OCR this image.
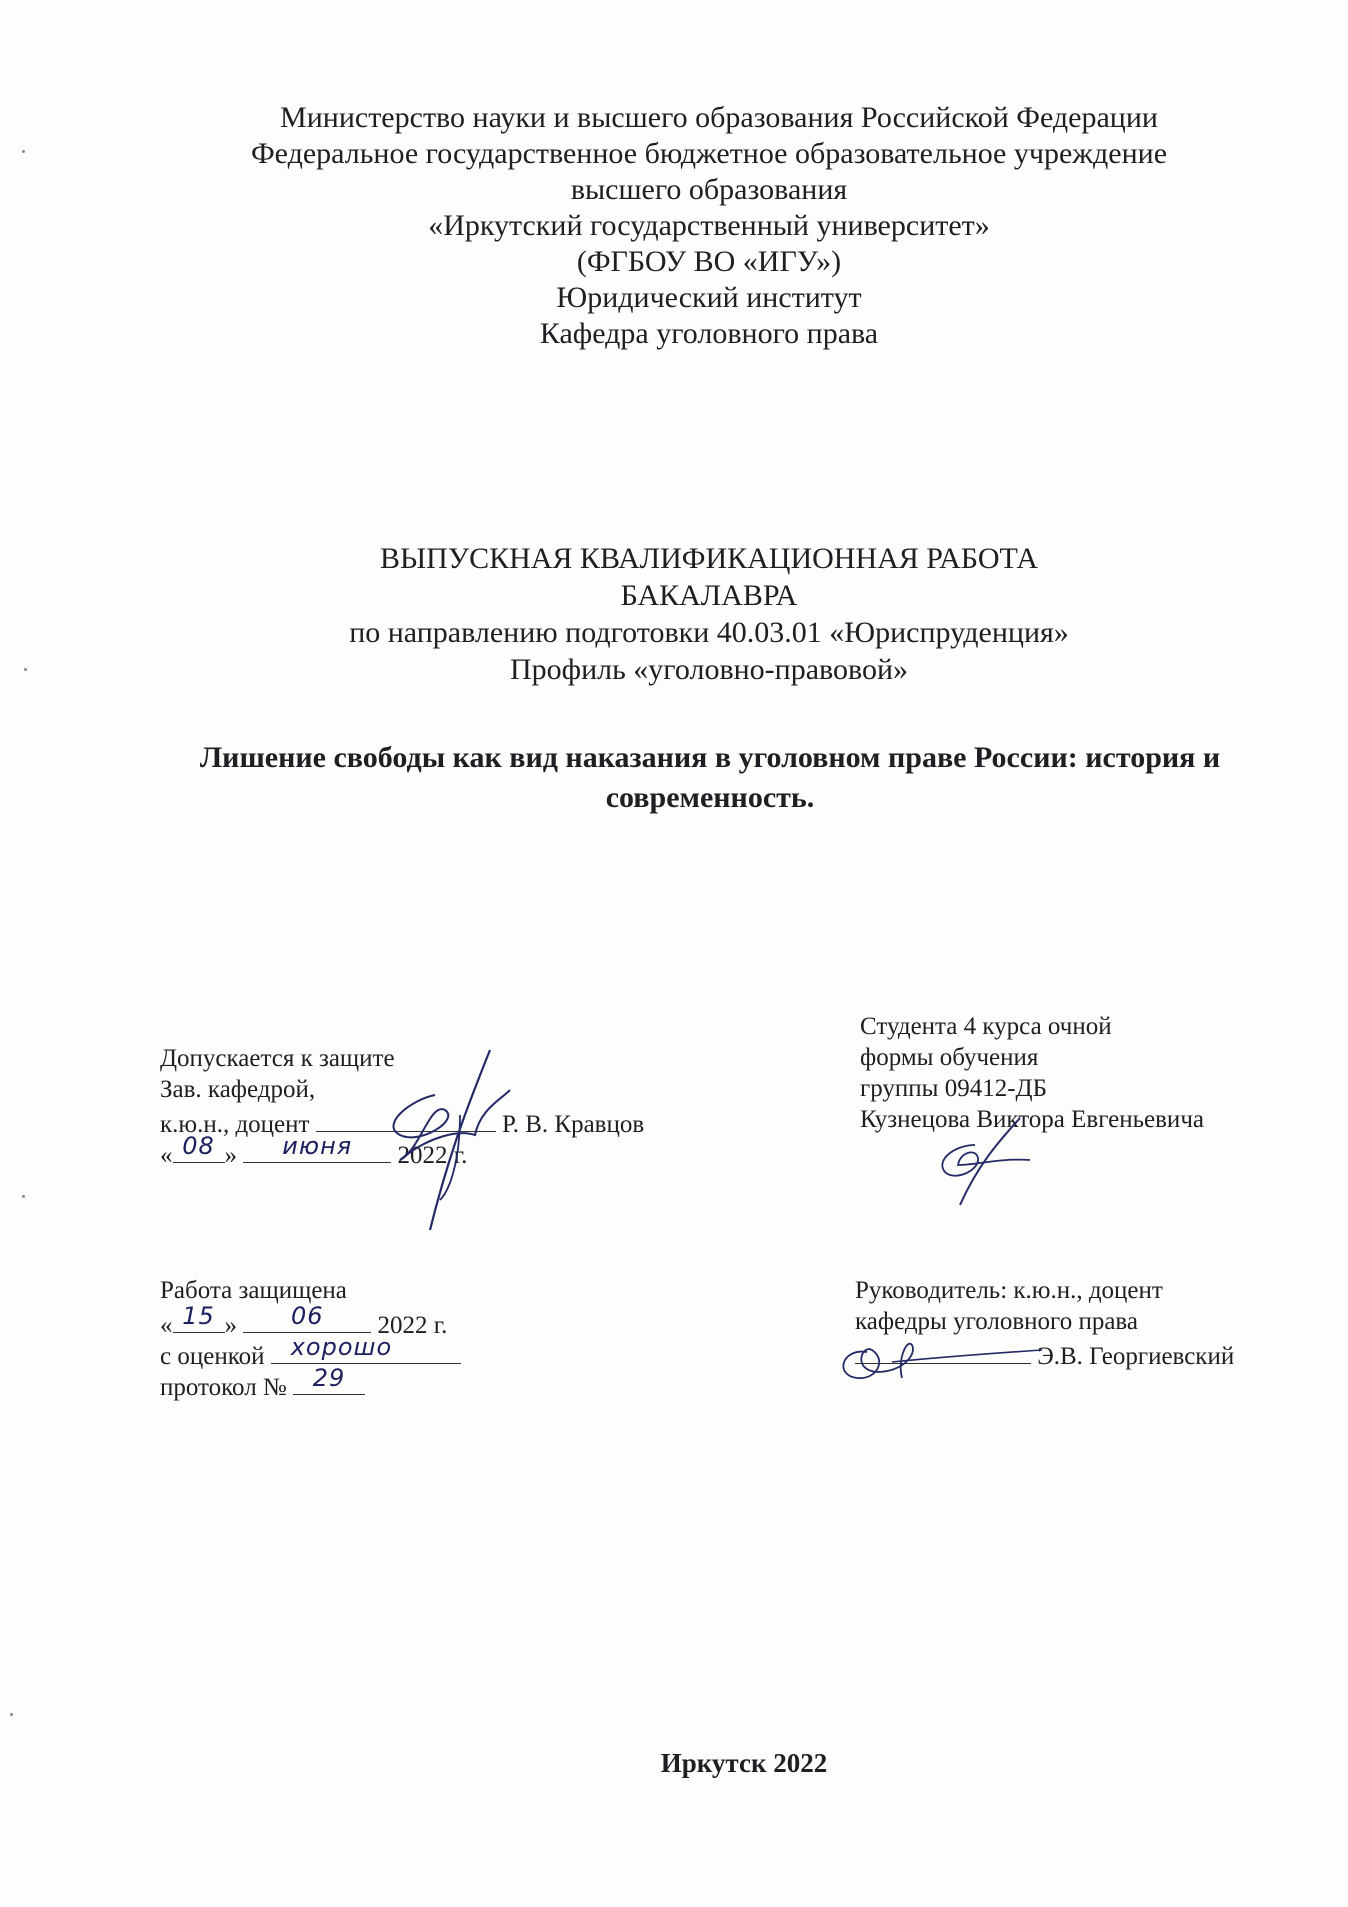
Министерство науки и высшего образования Российской Федерации
Федеральное государственное бюджетное образовательное учреждение
высшего образования
«Иркутский государственный университет»
(ФГБОУ ВО «ИГУ»)
Юридический институт
Кафедра уголовного права
ВЫПУСКНАЯ КВАЛИФИКАЦИОННАЯ РАБОТА
БАКАЛАВРА
по направлению подготовки 40.03.01 «Юриспруденция»
Профиль «уголовно-правовой»
Лишение свободы как вид наказания в уголовном праве России: история и
современность.
Допускается к защите
Зав. кафедрой,
к.ю.н., доцент	Р. В. Кравцов
« 08 »	июня	2022 г.
Студента 4 курса очной
формы обучения
группы 09412-ДБ
Кузнецова Виктора Евгеньевича
Работа защищена
« 15 »	06	2022 г.
с оценкой	хорошо
протокол №	29
Руководитель: к.ю.н., доцент
кафедры уголовного права
Э.В. Георгиевский
Иркутск 2022
